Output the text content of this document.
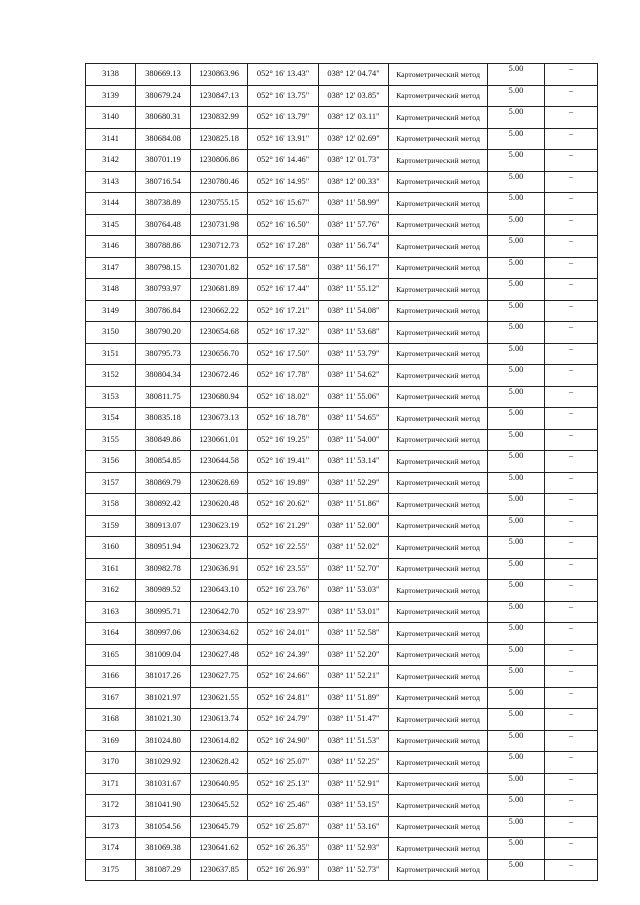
3138	380669.13	1230863.96	052° 16' 13.43"	038° 12' 04.74"	Картометрический метод	5.00	–
3139	380679.24	1230847.13	052° 16' 13.75"	038° 12' 03.85"	Картометрический метод	5.00	–
3140	380680.31	1230832.99	052° 16' 13.79"	038° 12' 03.11"	Картометрический метод	5.00	–
3141	380684.08	1230825.18	052° 16' 13.91"	038° 12' 02.69"	Картометрический метод	5.00	–
3142	380701.19	1230806.86	052° 16' 14.46"	038° 12' 01.73"	Картометрический метод	5.00	–
3143	380716.54	1230780.46	052° 16' 14.95"	038° 12' 00.33"	Картометрический метод	5.00	–
3144	380738.89	1230755.15	052° 16' 15.67"	038° 11' 58.99"	Картометрический метод	5.00	–
3145	380764.48	1230731.98	052° 16' 16.50"	038° 11' 57.76"	Картометрический метод	5.00	–
3146	380788.86	1230712.73	052° 16' 17.28"	038° 11' 56.74"	Картометрический метод	5.00	–
3147	380798.15	1230701.82	052° 16' 17.58"	038° 11' 56.17"	Картометрический метод	5.00	–
3148	380793.97	1230681.89	052° 16' 17.44"	038° 11' 55.12"	Картометрический метод	5.00	–
3149	380786.84	1230662.22	052° 16' 17.21"	038° 11' 54.08"	Картометрический метод	5.00	–
3150	380790.20	1230654.68	052° 16' 17.32"	038° 11' 53.68"	Картометрический метод	5.00	–
3151	380795.73	1230656.70	052° 16' 17.50"	038° 11' 53.79"	Картометрический метод	5.00	–
3152	380804.34	1230672.46	052° 16' 17.78"	038° 11' 54.62"	Картометрический метод	5.00	–
3153	380811.75	1230680.94	052° 16' 18.02"	038° 11' 55.06"	Картометрический метод	5.00	–
3154	380835.18	1230673.13	052° 16' 18.78"	038° 11' 54.65"	Картометрический метод	5.00	–
3155	380849.86	1230661.01	052° 16' 19.25"	038° 11' 54.00"	Картометрический метод	5.00	–
3156	380854.85	1230644.58	052° 16' 19.41"	038° 11' 53.14"	Картометрический метод	5.00	–
3157	380869.79	1230628.69	052° 16' 19.89"	038° 11' 52.29"	Картометрический метод	5.00	–
3158	380892.42	1230620.48	052° 16' 20.62"	038° 11' 51.86"	Картометрический метод	5.00	–
3159	380913.07	1230623.19	052° 16' 21.29"	038° 11' 52.00"	Картометрический метод	5.00	–
3160	380951.94	1230623.72	052° 16' 22.55"	038° 11' 52.02"	Картометрический метод	5.00	–
3161	380982.78	1230636.91	052° 16' 23.55"	038° 11' 52.70"	Картометрический метод	5.00	–
3162	380989.52	1230643.10	052° 16' 23.76"	038° 11' 53.03"	Картометрический метод	5.00	–
3163	380995.71	1230642.70	052° 16' 23.97"	038° 11' 53.01"	Картометрический метод	5.00	–
3164	380997.06	1230634.62	052° 16' 24.01"	038° 11' 52.58"	Картометрический метод	5.00	–
3165	381009.04	1230627.48	052° 16' 24.39"	038° 11' 52.20"	Картометрический метод	5.00	–
3166	381017.26	1230627.75	052° 16' 24.66"	038° 11' 52.21"	Картометрический метод	5.00	–
3167	381021.97	1230621.55	052° 16' 24.81"	038° 11' 51.89"	Картометрический метод	5.00	–
3168	381021.30	1230613.74	052° 16' 24.79"	038° 11' 51.47"	Картометрический метод	5.00	–
3169	381024.80	1230614.82	052° 16' 24.90"	038° 11' 51.53"	Картометрический метод	5.00	–
3170	381029.92	1230628.42	052° 16' 25.07"	038° 11' 52.25"	Картометрический метод	5.00	–
3171	381031.67	1230640.95	052° 16' 25.13"	038° 11' 52.91"	Картометрический метод	5.00	–
3172	381041.90	1230645.52	052° 16' 25.46"	038° 11' 53.15"	Картометрический метод	5.00	–
3173	381054.56	1230645.79	052° 16' 25.87"	038° 11' 53.16"	Картометрический метод	5.00	–
3174	381069.38	1230641.62	052° 16' 26.35"	038° 11' 52.93"	Картометрический метод	5.00	–
3175	381087.29	1230637.85	052° 16' 26.93"	038° 11' 52.73"	Картометрический метод	5.00	–
